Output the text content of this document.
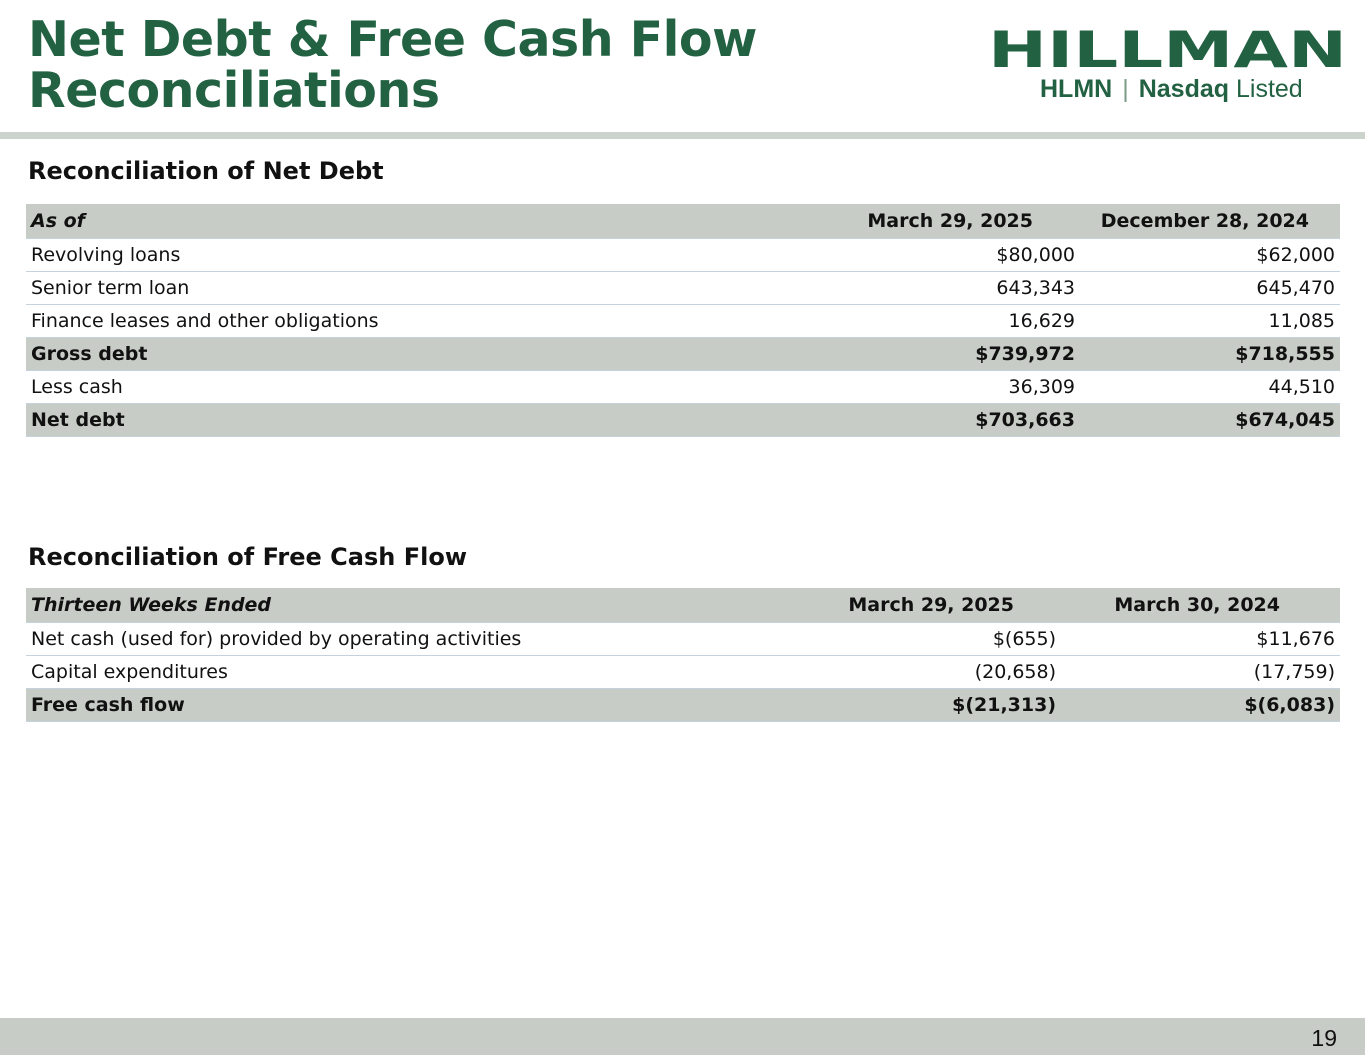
Net Debt & Free Cash Flow
Reconciliations
HILLMAN
HLMN | Nasdaq Listed
Reconciliation of Net Debt
As of	March 29, 2025	December 28, 2024
Revolving loans	$80,000	$62,000
Senior term loan	643,343	645,470
Finance leases and other obligations	16,629	11,085
Gross debt	$739,972	$718,555
Less cash	36,309	44,510
Net debt	$703,663	$674,045
Reconciliation of Free Cash Flow
Thirteen Weeks Ended	March 29, 2025	March 30, 2024
Net cash (used for) provided by operating activities	$(655)	$11,676
Capital expenditures	(20,658)	(17,759)
Free cash flow	$(21,313)	$(6,083)
19
